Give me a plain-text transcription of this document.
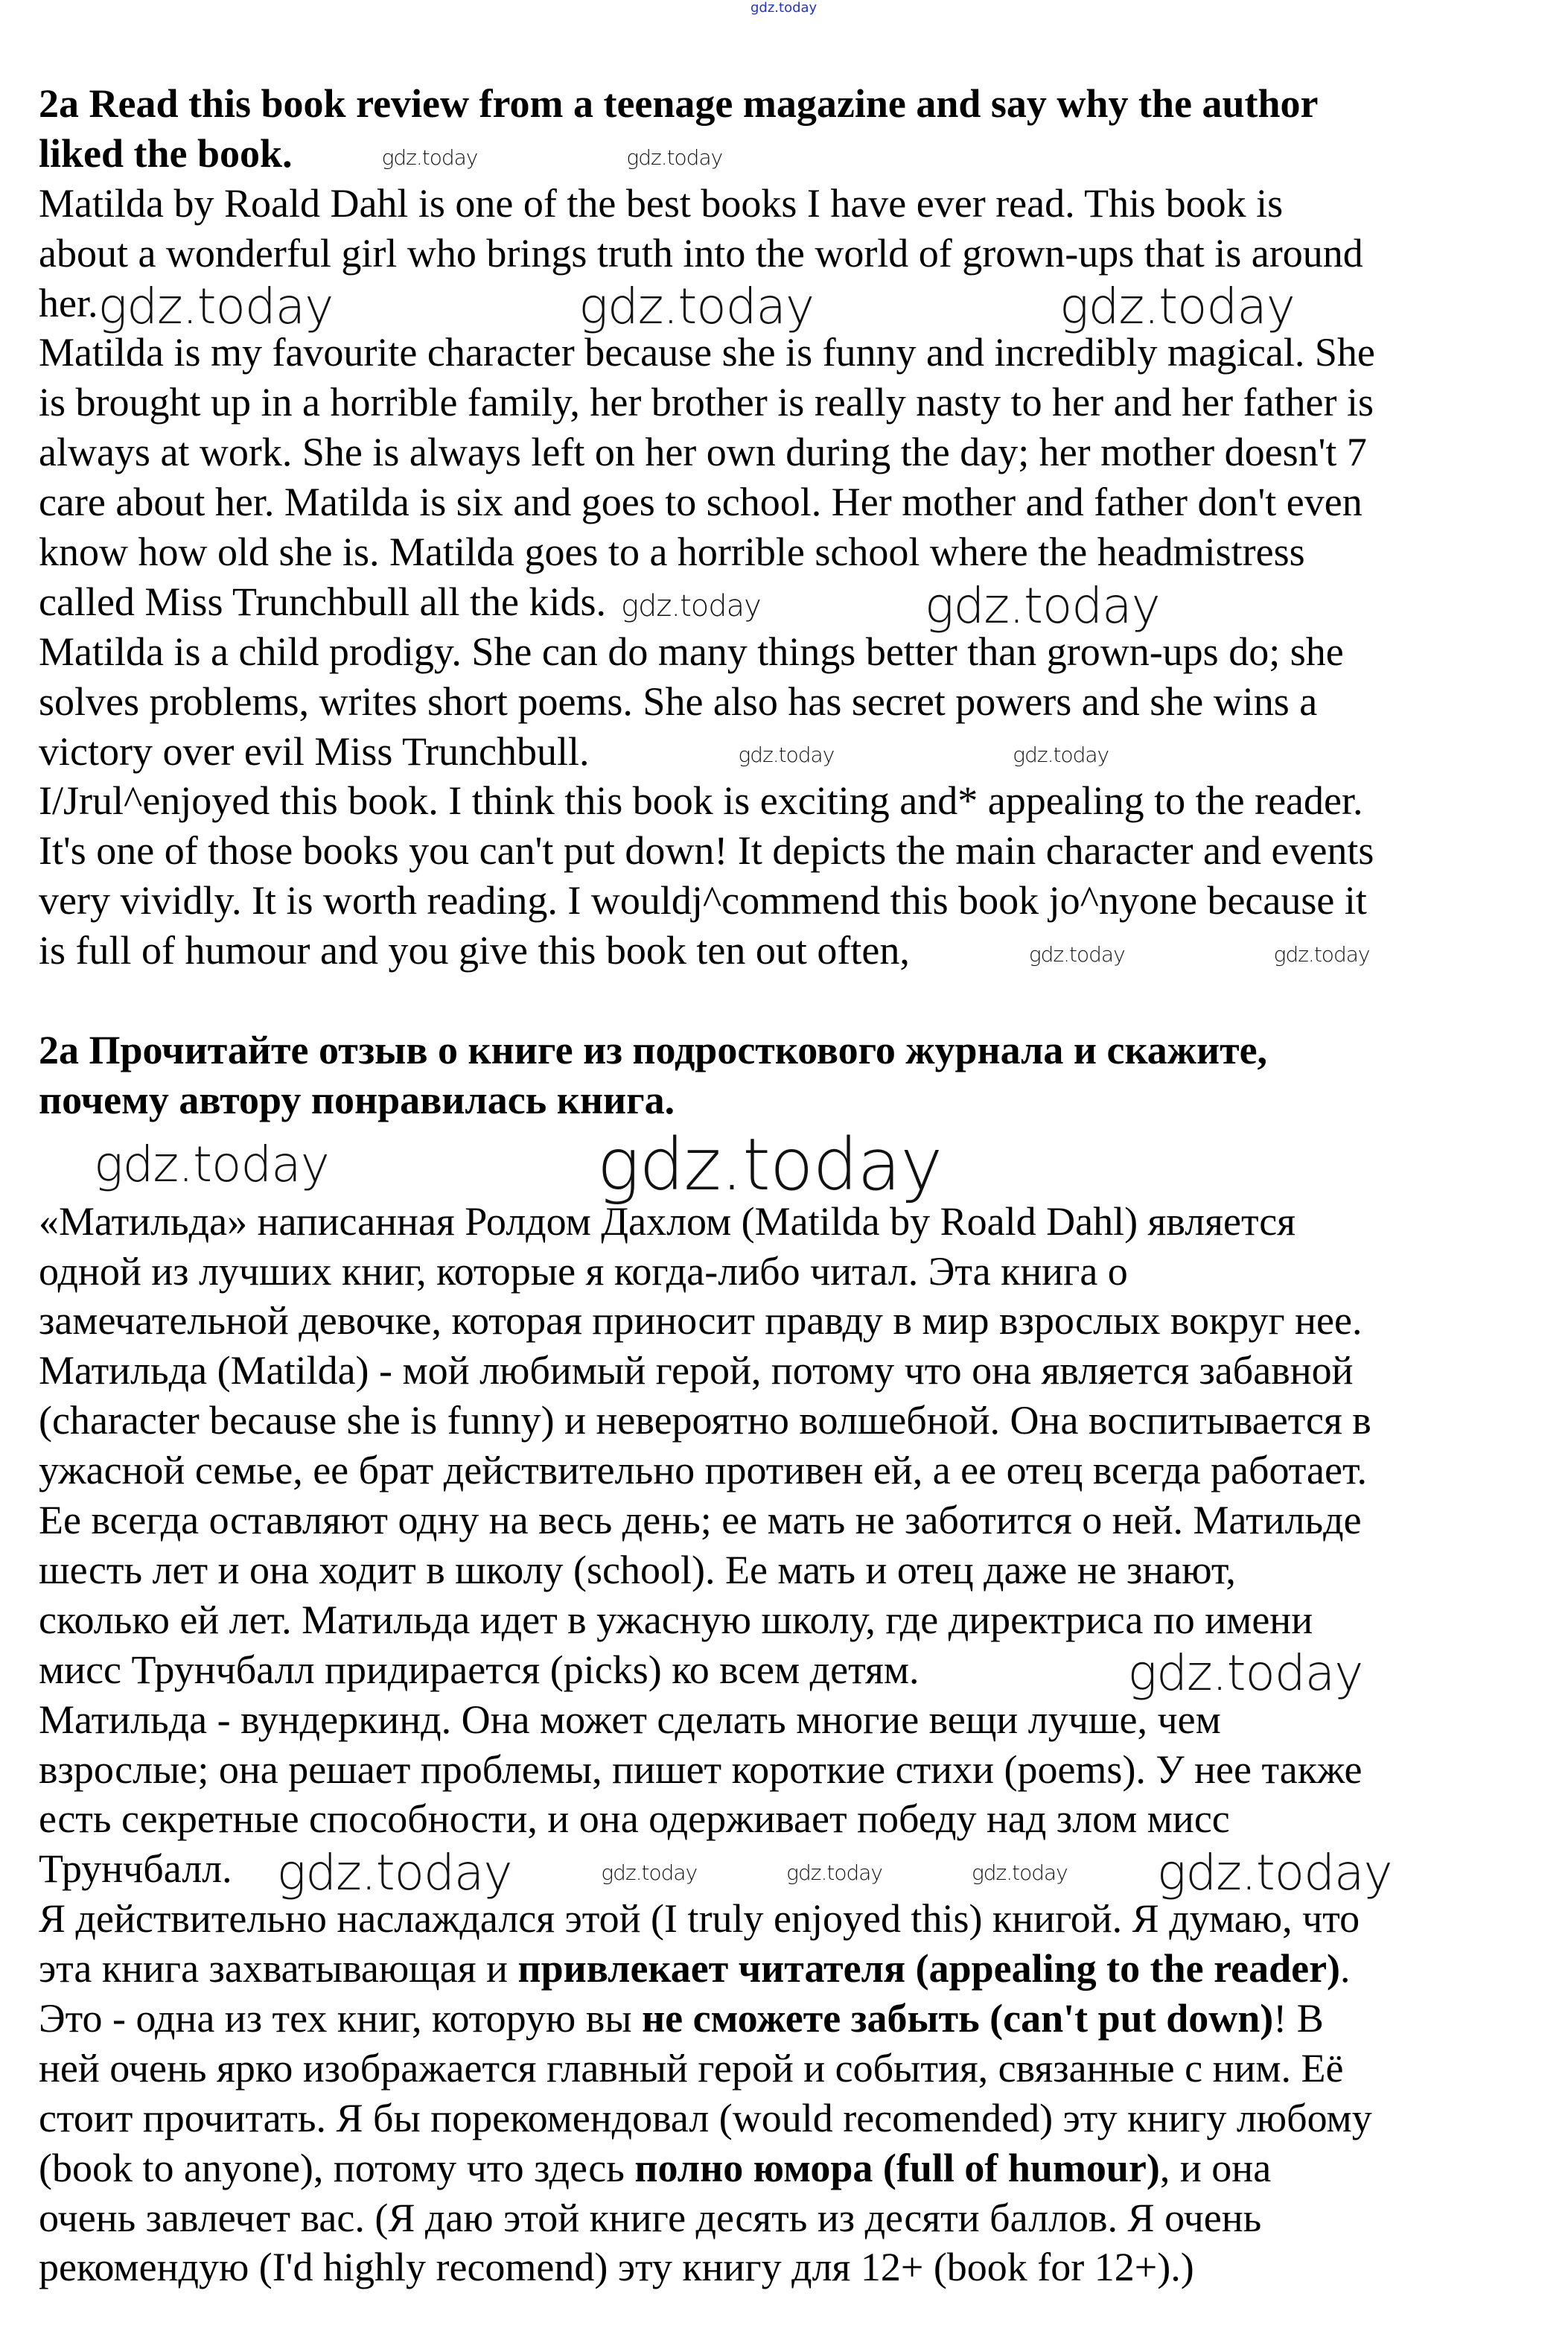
gdz.today
2a Read this book review from a teenage magazine and say why the author
liked the book.	gdz.today	gdz.today
Matilda by Roald Dahl is one of the best books I have ever read. This book is
about a wonderful girl who brings truth into the world of grown-ups that is around
her.gdz.today	gdz.today	gdz.today
Matilda is my favourite character because she is funny and incredibly magical. She
is brought up in a horrible family, her brother is really nasty to her and her father is
always at work. She is always left on her own during the day; her mother doesn't 7
care about her. Matilda is six and goes to school. Her mother and father don't even
know how old she is. Matilda goes to a horrible school where the headmistress
called Miss Trunchbull all the kids. gdz.today	gdz.today
Matilda is a child prodigy. She can do many things better than grown-ups do; she
solves problems, writes short poems. She also has secret powers and she wins a
victory over evil Miss Trunchbull.	gdz.today	gdz.today
I/Jrul^enjoyed this book. I think this book is exciting and* appealing to the reader.
It's one of those books you can't put down! It depicts the main character and events
very vividly. It is worth reading. I wouldj^commend this book jo^nyone because it
is full of humour and you give this book ten out often,	gdz.today	gdz.today
2а Прочитайте отзыв о книге из подросткового журнала и скажите,
почему автору понравилась книга.
gdz.today	gdz.today
«Матильда» написанная Ролдом Дахлом (Matilda by Roald Dahl) является
одной из лучших книг, которые я когда-либо читал. Эта книга о
замечательной девочке, которая приносит правду в мир взрослых вокруг нее.
Матильда (Matilda) - мой любимый герой, потому что она является забавной
(character because she is funny) и невероятно волшебной. Она воспитывается в
ужасной семье, ее брат действительно противен ей, а ее отец всегда работает.
Ее всегда оставляют одну на весь день; ее мать не заботится о ней. Матильде
шесть лет и она ходит в школу (school). Ее мать и отец даже не знают,
сколько ей лет. Матильда идет в ужасную школу, где директриса по имени
мисс Трунчбалл придирается (picks) ко всем детям.	gdz.today
Матильда - вундеркинд. Она может сделать многие вещи лучше, чем
взрослые; она решает проблемы, пишет короткие стихи (poems). У нее также
есть секретные способности, и она одерживает победу над злом мисс
Трунчбалл. gdz.today	gdz.today	gdz.today	gdz.today gdz.today
Я действительно наслаждался этой (I truly enjoyed this) книгой. Я думаю, что
эта книга захватывающая и привлекает читателя (appealing to the reader).
Это - одна из тех книг, которую вы не сможете забыть (can't put down)! В
ней очень ярко изображается главный герой и события, связанные с ним. Её
стоит прочитать. Я бы порекомендовал (would recomended) эту книгу любому
(book to anyone), потому что здесь полно юмора (full of humour), и она
очень завлечет вас. (Я даю этой книге десять из десяти баллов. Я очень
рекомендую (I'd highly recomend) эту книгу для 12+ (book for 12+).)
